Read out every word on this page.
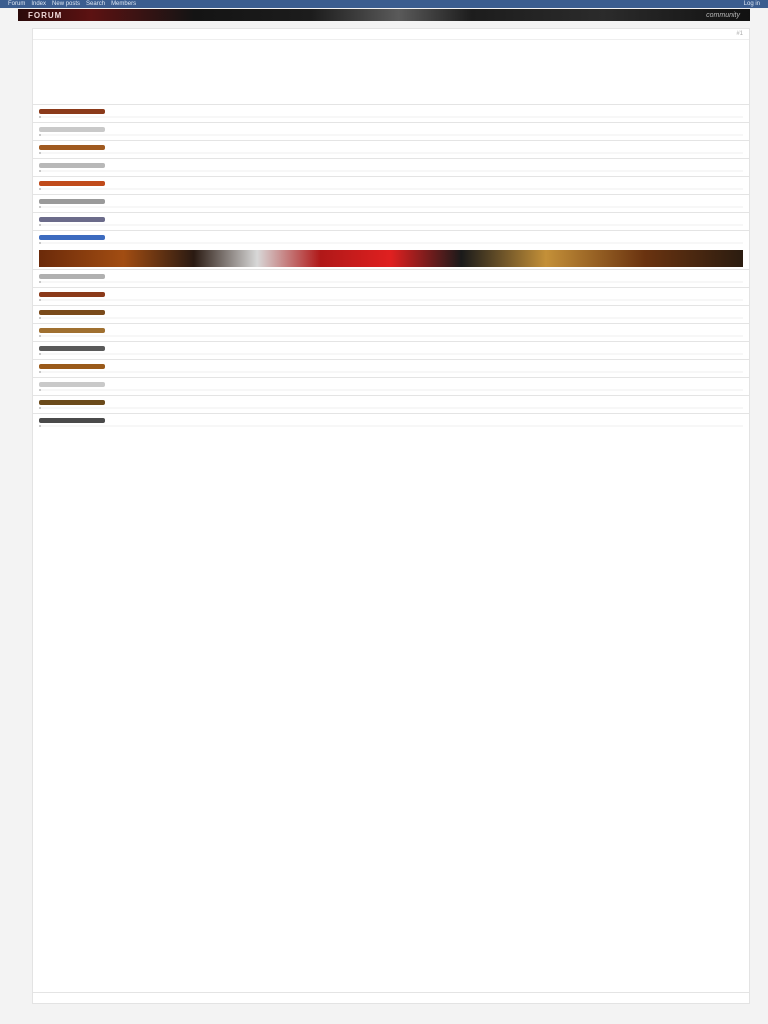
Forum Index New posts Search Members	Log in
FORUM	community
#1
